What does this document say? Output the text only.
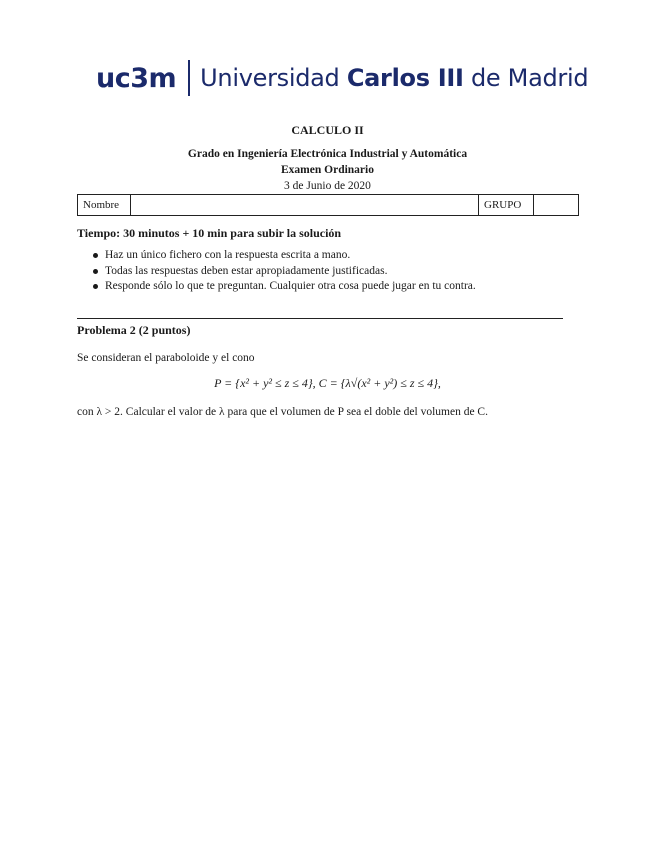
uc3m Universidad Carlos III de Madrid
CALCULO II
Grado en Ingeniería Electrónica Industrial y Automática
Examen Ordinario
3 de Junio de 2020
Nombre		GRUPO	
Tiempo: 30 minutos + 10 min para subir la solución
Haz un único fichero con la respuesta escrita a mano.
Todas las respuestas deben estar apropiadamente justificadas.
Responde sólo lo que te preguntan. Cualquier otra cosa puede jugar en tu contra.
Problema 2 (2 puntos)
Se consideran el paraboloide y el cono
P = {x² + y² ≤ z ≤ 4}, C = {λ√(x² + y²) ≤ z ≤ 4},
con λ > 2. Calcular el valor de λ para que el volumen de P sea el doble del volumen de C.
